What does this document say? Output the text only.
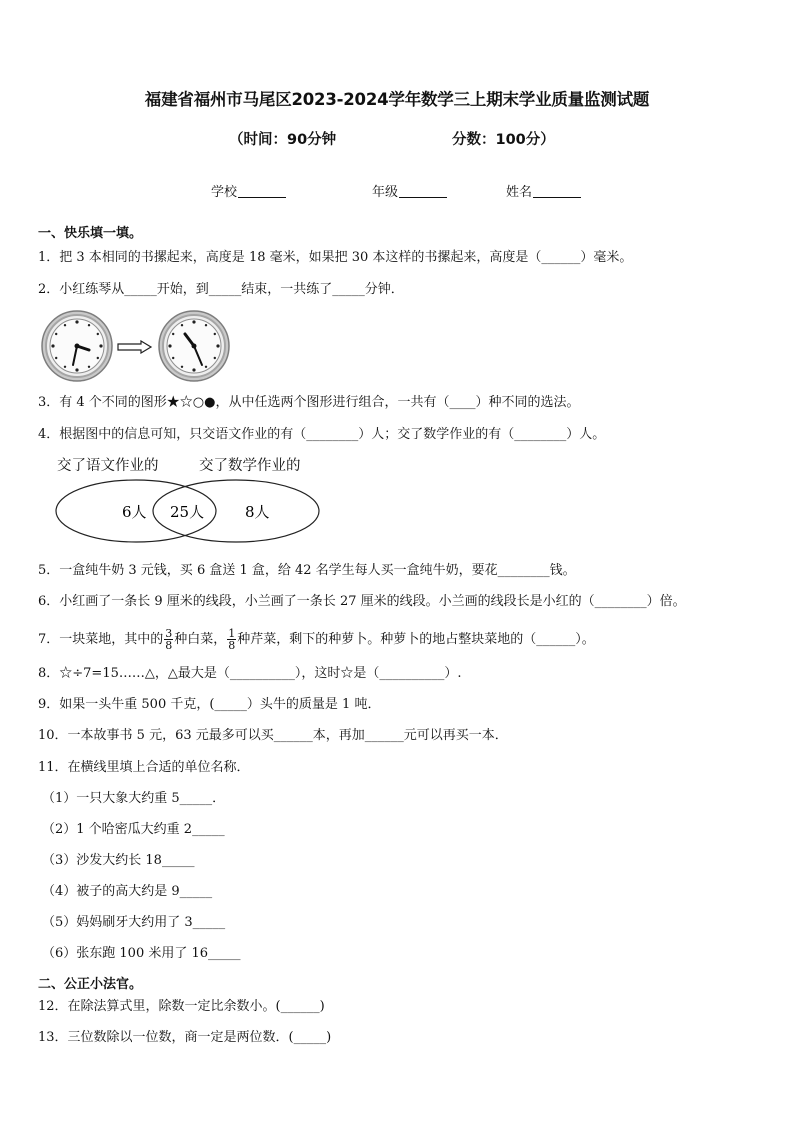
福建省福州市马尾区2023-2024学年数学三上期末学业质量监测试题
（时间：90分钟	分数：100分）
学校	年级	姓名
一、快乐填一填。
1．把 3 本相同的书摞起来，高度是 18 毫米，如果把 30 本这样的书摞起来，高度是（______）毫米。
2．小红练琴从_____开始，到_____结束，一共练了_____分钟．
3．有 4 个不同的图形★☆○●，从中任选两个图形进行组合，一共有（____）种不同的选法。
4．根据图中的信息可知，只交语文作业的有（________）人；交了数学作业的有（________）人。
交了语文作业的	交了数学作业的
6人 25人	8人
5．一盒纯牛奶 3 元钱，买 6 盒送 1 盒，给 42 名学生每人买一盒纯牛奶，要花________钱。
6．小红画了一条长 9 厘米的线段，小兰画了一条长 27 厘米的线段。小兰画的线段长是小红的（________）倍。
7．一块菜地，其中的 $\frac{3}{8}$ 种白菜， $\frac{1}{8}$ 种芹菜，剩下的种萝卜。种萝卜的地占整块菜地的（______）。
8．☆÷7=15……△，△最大是（__________），这时☆是（__________）.
9．如果一头牛重 500 千克，(_____）头牛的质量是 1 吨．
10．一本故事书 5 元，63 元最多可以买______本，再加______元可以再买一本．
11．在横线里填上合适的单位名称．
（1）一只大象大约重 5_____．
（2）1 个哈密瓜大约重 2_____
（3）沙发大约长 18_____
（4）被子的高大约是 9_____
（5）妈妈刷牙大约用了 3_____
（6）张东跑 100 米用了 16_____
二、公正小法官。
12．在除法算式里，除数一定比余数小。(______)
13．三位数除以一位数，商一定是两位数．(_____)
